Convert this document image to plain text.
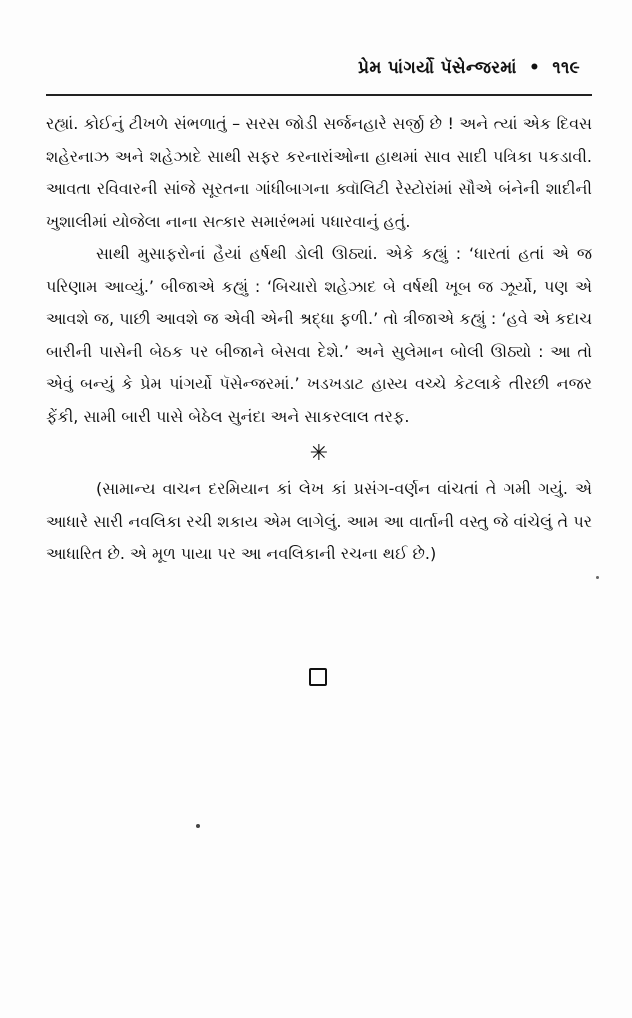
પ્રેમ પાંગર્યો પૅસેન્જરમાં • ૧૧૯

રહ્યાં. કોઈનું ટીખળે સંભળાતું – સરસ જોડી સર્જનહારે સર્જી છે ! અને ત્યાં એક દિવસ શહેરનાઝ અને શહેઝાદે સાથી સફર કરનારાંઓના હાથમાં સાવ સાદી પત્રિકા પકડાવી. આવતા રવિવારની સાંજે સૂરતના ગાંધીબાગના ક્વૉલિટી રેસ્ટોરાંમાં સૌએ બંનેની શાદીની ખુશાલીમાં યોજેલા નાના સત્કાર સમારંભમાં પધારવાનું હતું.

સાથી મુસાફરોનાં હૈયાં હર્ષથી ડોલી ઊઠ્યાં. એકે કહ્યું : ‘ધારતાં હતાં એ જ પરિણામ આવ્યું.’ બીજાએ કહ્યું : ‘બિચારો શહેઝાદ બે વર્ષથી ખૂબ જ ઝૂર્યો, પણ એ આવશે જ, પાછી આવશે જ એવી એની શ્રદ્ધા ફળી.’ તો ત્રીજાએ કહ્યું : ‘હવે એ કદાચ બારીની પાસેની બેઠક પર બીજાને બેસવા દેશે.’ અને સુલેમાન બોલી ઊઠ્યો : આ તો એવું બન્યું કે પ્રેમ પાંગર્યો પૅસેન્જરમાં.’ ખડખડાટ હાસ્ય વચ્ચે કેટલાકે તીરછી નજર ફેંકી, સામી બારી પાસે બેઠેલ સુનંદા અને સાકરલાલ તરફ.

✳

(સામાન્ય વાચન દરમિયાન કાં લેખ કાં પ્રસંગ-વર્ણન વાંચતાં તે ગમી ગયું. એ આધારે સારી નવલિકા રચી શકાય એમ લાગેલું. આમ આ વાર્તાની વસ્તુ જે વાંચેલું તે પર આધારિત છે. એ મૂળ પાયા પર આ નવલિકાની રચના થઈ છે.)
